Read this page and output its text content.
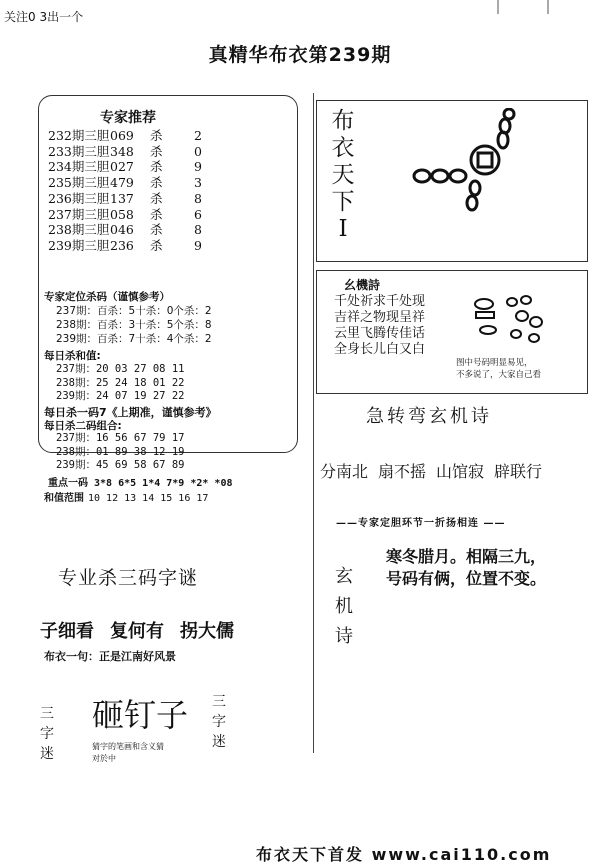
关注0 3出一个
真精华布衣第239期
专家推荐
232期三胆069 杀	2
233期三胆348 杀	0
234期三胆027 杀	9
235期三胆479 杀	3
236期三胆137 杀	8
237期三胆058 杀	6
238期三胆046 杀	8
239期三胆236 杀	9
专家定位杀码（谨慎参考）
237期：百杀：5十杀：0个杀：2
238期：百杀：3十杀：5个杀：8
239期：百杀：7十杀：4个杀：2
每日杀和值:
237期：20 03 27 08 11
238期：25 24 18 01 22
239期：24 07 19 27 22
每日杀一码7《上期准，谨慎参考》
每日杀二码组合:
237期：16 56 67 79 17
238期：01 89 38 12 19
239期：45 69 58 67 89
重点一码 3*8 6*5 1*4 7*9 *2* *08
和值范围 10 12 13 14 15 16 17
专业杀三码字谜
子细看 复何有 拐大儒
布衣一句：正是江南好风景
砸钉子
三字迷
三字迷
猜字的笔画和含义猜
对於中
布衣天下I
幺機詩
千处祈求千处现
吉祥之物现呈祥
云里飞腾传佳话
全身长儿白又白
图中号码明显易见，
不多说了，大家自己看
急转弯玄机诗
分南北 扇不摇 山馆寂 辟联行
——专家定胆环节一折扬相连 ——
玄机诗
寒冬腊月。相隔三九，
号码有俩，位置不变。
布衣天下首发 www.cai110.com
